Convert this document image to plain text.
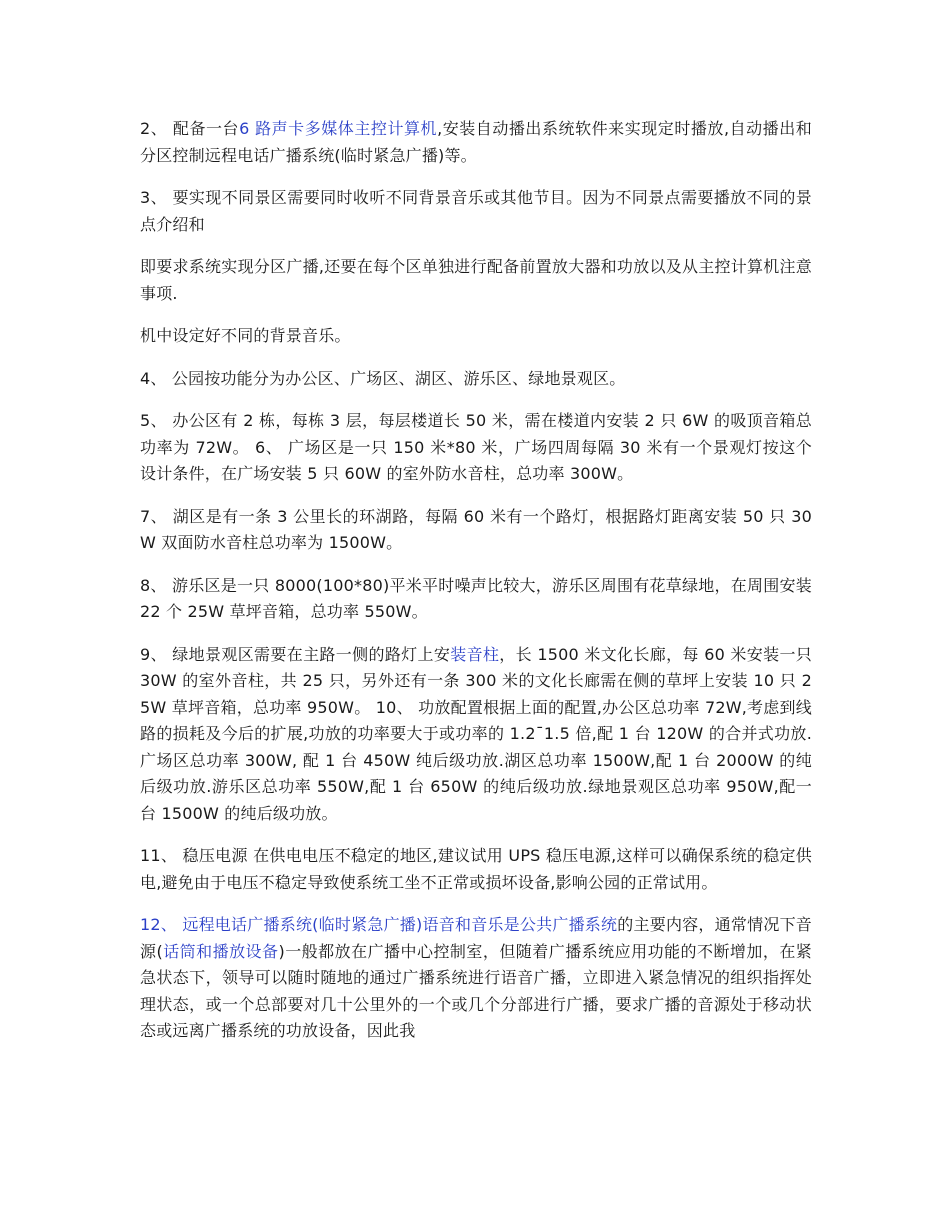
2、 配备一台6 路声卡多媒体主控计算机,安装自动播出系统软件来实现定时播放,自动播出和分区控制远程电话广播系统(临时紧急广播)等。

3、 要实现不同景区需要同时收听不同背景音乐或其他节目。因为不同景点需要播放不同的景点介绍和

即要求系统实现分区广播,还要在每个区单独进行配备前置放大器和功放以及从主控计算机注意事项.

机中设定好不同的背景音乐。

4、 公园按功能分为办公区、广场区、湖区、游乐区、绿地景观区。

5、 办公区有 2 栋，每栋 3 层，每层楼道长 50 米，需在楼道内安装 2 只 6W 的吸顶音箱总功率为 72W。 6、 广场区是一只 150 米*80 米，广场四周每隔 30 米有一个景观灯按这个设计条件，在广场安装 5 只 60W 的室外防水音柱，总功率 300W。

7、 湖区是有一条 3 公里长的环湖路，每隔 60 米有一个路灯，根据路灯距离安装 50 只 30W 双面防水音柱总功率为 1500W。

8、 游乐区是一只 8000(100*80)平米平时噪声比较大，游乐区周围有花草绿地，在周围安装 22 个 25W 草坪音箱，总功率 550W。

9、 绿地景观区需要在主路一侧的路灯上安装音柱，长 1500 米文化长廊，每 60 米安装一只 30W 的室外音柱，共 25 只，另外还有一条 300 米的文化长廊需在侧的草坪上安装 10 只 25W 草坪音箱，总功率 950W。 10、 功放配置根据上面的配置,办公区总功率 72W,考虑到线路的损耗及今后的扩展,功放的功率要大于或功率的 1.2¯1.5 倍,配 1 台 120W 的合并式功放.广场区总功率 300W, 配 1 台 450W 纯后级功放.湖区总功率 1500W,配 1 台 2000W 的纯后级功放.游乐区总功率 550W,配 1 台 650W 的纯后级功放.绿地景观区总功率 950W,配一台 1500W 的纯后级功放。

11、 稳压电源 在供电电压不稳定的地区,建议试用 UPS 稳压电源,这样可以确保系统的稳定供电,避免由于电压不稳定导致使系统工坐不正常或损坏设备,影响公园的正常试用。

12、 远程电话广播系统(临时紧急广播)语音和音乐是公共广播系统的主要内容，通常情况下音源(话筒和播放设备)一般都放在广播中心控制室，但随着广播系统应用功能的不断增加，在紧急状态下，领导可以随时随地的通过广播系统进行语音广播，立即进入紧急情况的组织指挥处理状态，或一个总部要对几十公里外的一个或几个分部进行广播，要求广播的音源处于移动状态或远离广播系统的功放设备，因此我
